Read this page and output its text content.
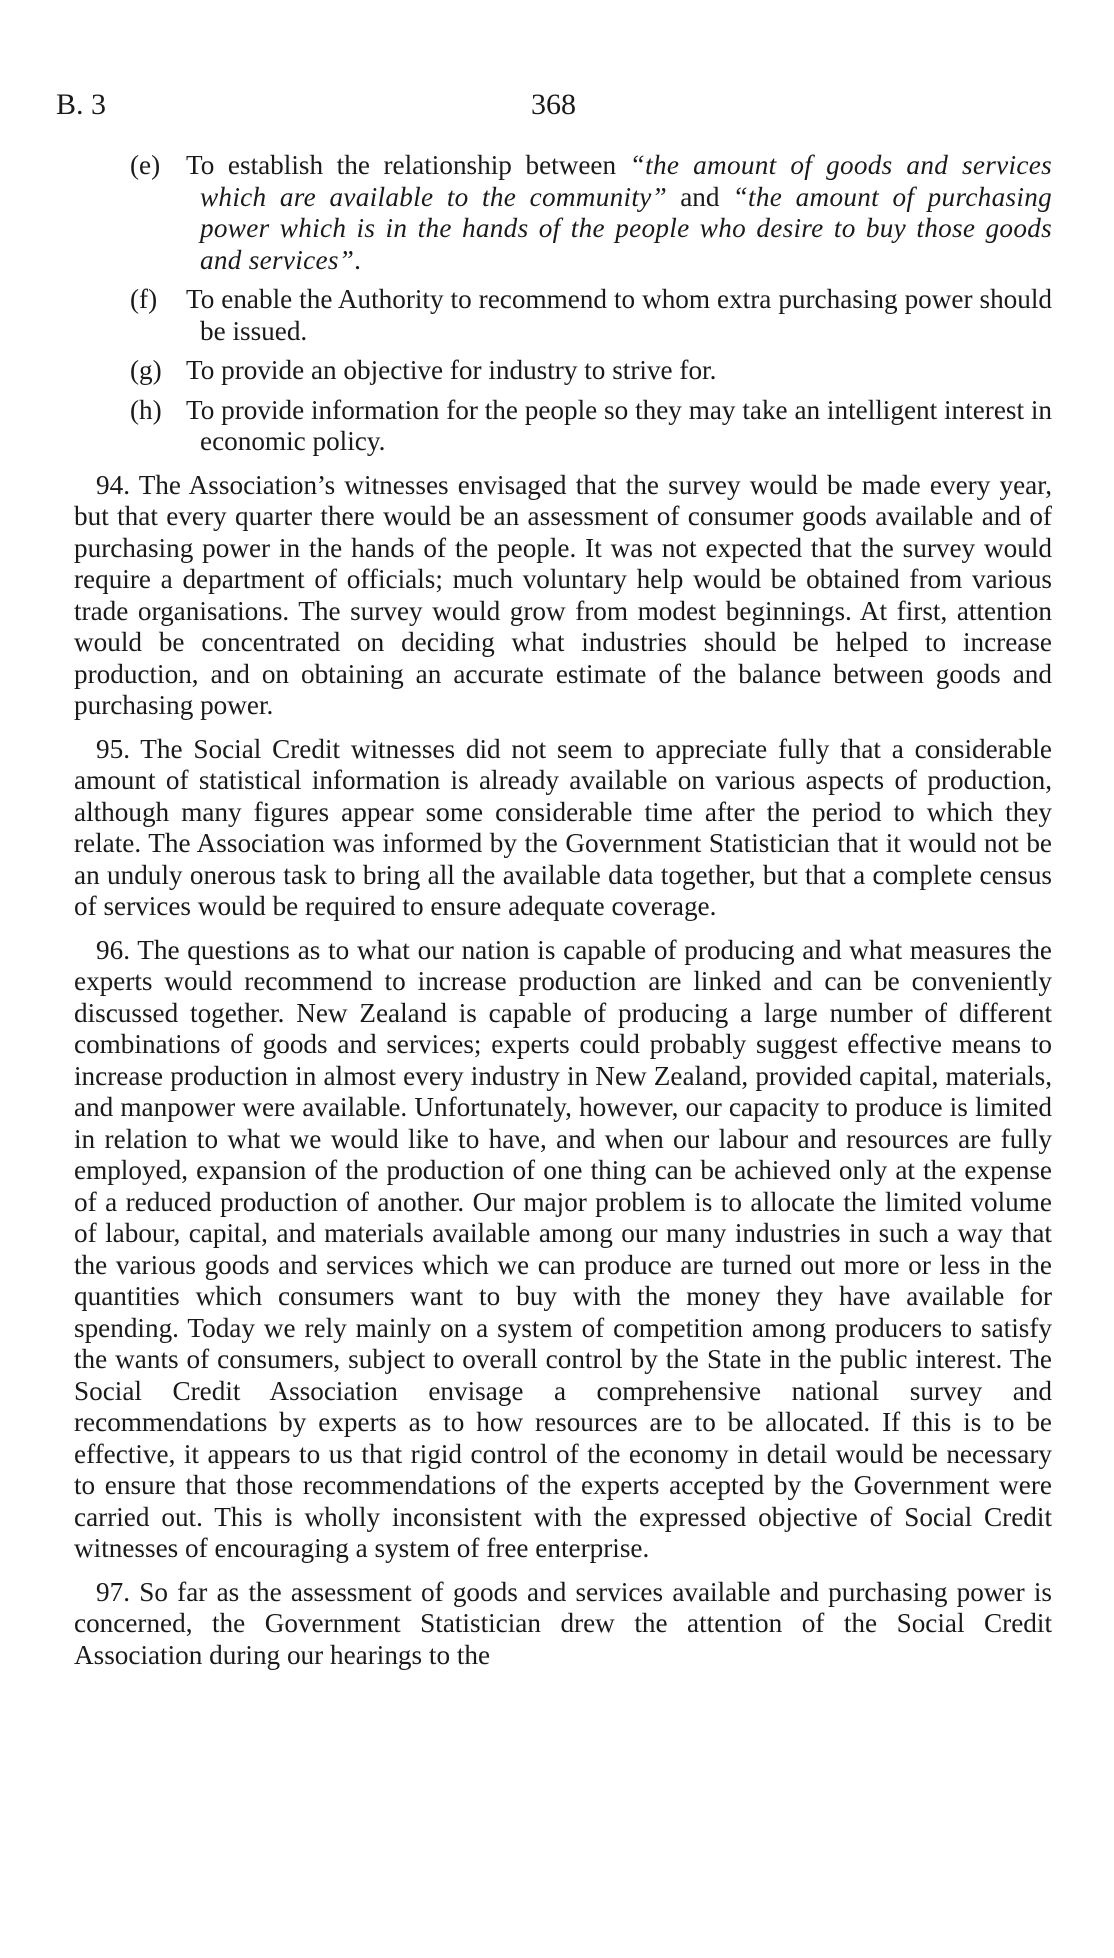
B. 3	368

(e) To establish the relationship between “the amount of goods and services which are available to the community” and “the amount of purchasing power which is in the hands of the people who desire to buy those goods and services”.

(f) To enable the Authority to recommend to whom extra purchasing power should be issued.

(g) To provide an objective for industry to strive for.

(h) To provide information for the people so they may take an intelligent interest in economic policy.

94. The Association’s witnesses envisaged that the survey would be made every year, but that every quarter there would be an assessment of consumer goods available and of purchasing power in the hands of the people. It was not expected that the survey would require a department of officials; much voluntary help would be obtained from various trade organisations. The survey would grow from modest beginnings. At first, attention would be concentrated on deciding what industries should be helped to increase production, and on obtaining an accurate estimate of the balance between goods and purchasing power.

95. The Social Credit witnesses did not seem to appreciate fully that a considerable amount of statistical information is already available on various aspects of production, although many figures appear some considerable time after the period to which they relate. The Association was informed by the Government Statistician that it would not be an unduly onerous task to bring all the available data together, but that a complete census of services would be required to ensure adequate coverage.

96. The questions as to what our nation is capable of producing and what measures the experts would recommend to increase production are linked and can be conveniently discussed together. New Zealand is capable of producing a large number of different combinations of goods and services; experts could probably suggest effective means to increase production in almost every industry in New Zealand, provided capital, materials, and manpower were available. Unfortunately, however, our capacity to produce is limited in relation to what we would like to have, and when our labour and resources are fully employed, expansion of the production of one thing can be achieved only at the expense of a reduced production of another. Our major problem is to allocate the limited volume of labour, capital, and materials available among our many industries in such a way that the various goods and services which we can produce are turned out more or less in the quantities which consumers want to buy with the money they have available for spending. Today we rely mainly on a system of competition among producers to satisfy the wants of consumers, subject to overall control by the State in the public interest. The Social Credit Association envisage a comprehensive national survey and recommendations by experts as to how resources are to be allocated. If this is to be effective, it appears to us that rigid control of the economy in detail would be necessary to ensure that those recommendations of the experts accepted by the Government were carried out. This is wholly inconsistent with the expressed objective of Social Credit witnesses of encouraging a system of free enterprise.

97. So far as the assessment of goods and services available and purchasing power is concerned, the Government Statistician drew the attention of the Social Credit Association during our hearings to the
